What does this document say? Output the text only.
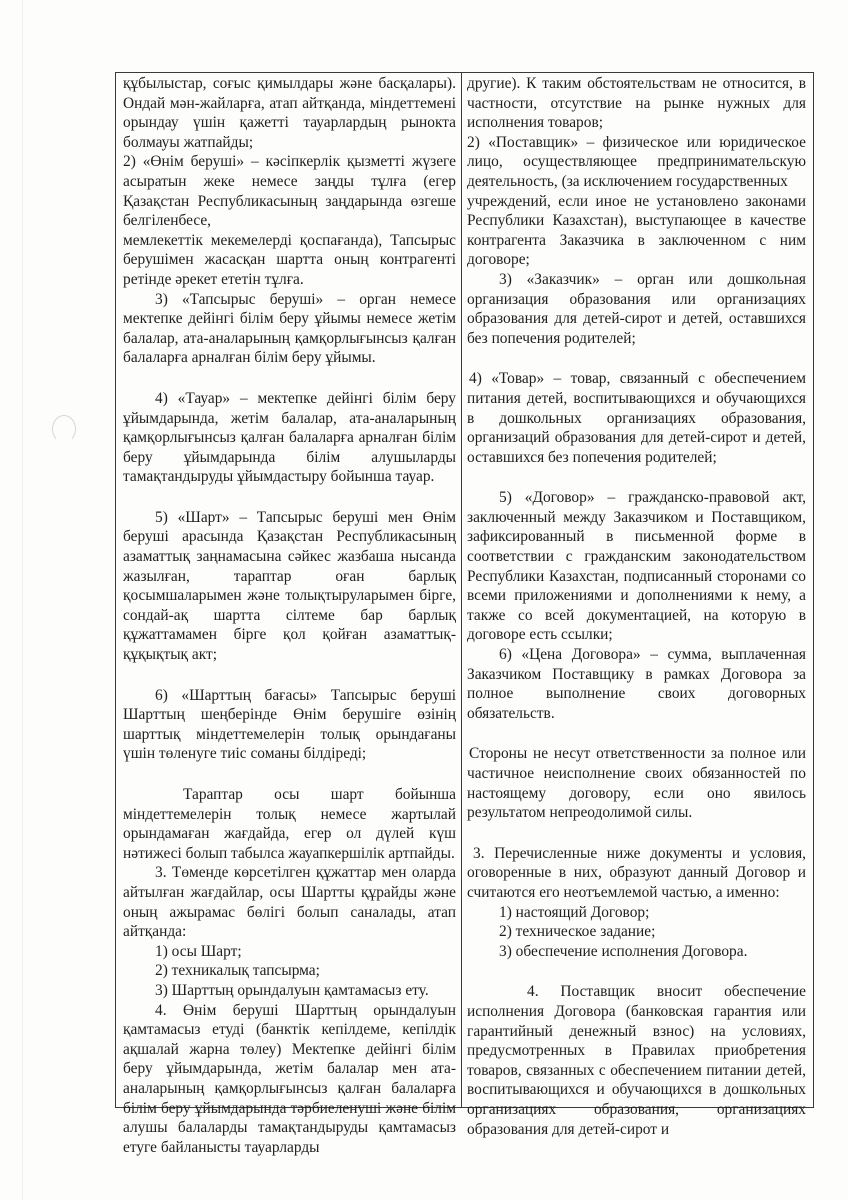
құбылыстар, соғыс қимылдары және басқалары). Ондай мән-жайларға, атап айтқанда, міндеттемені орындау үшін қажетті тауарлардың рынокта болмауы жатпайды;

2) «Өнім беруші» – кәсіпкерлік қызметті жүзеге асыратын жеке немесе заңды тұлға (егер Қазақстан Республикасының заңдарында өзгеше белгіленбесе,

мемлекеттік мекемелерді қоспағанда), Тапсырыс берушімен жасасқан шартта оның контрагенті ретінде әрекет ететін тұлға.

3) «Тапсырыс беруші» – орган немесе мектепке дейінгі білім беру ұйымы немесе жетім балалар, ата-аналарының қамқорлығынсыз қалған балаларға арналған білім беру ұйымы.

4) «Тауар» – мектепке дейінгі білім беру ұйымдарында, жетім балалар, ата-аналарының қамқорлығынсыз қалған балаларға арналған білім беру ұйымдарында білім алушыларды тамақтандыруды ұйымдастыру бойынша тауар.

5) «Шарт» – Тапсырыс беруші мен Өнім беруші арасында Қазақстан Республикасының азаматтық заңнамасына сәйкес жазбаша нысанда жазылған, тараптар оған барлық қосымшаларымен және толықтыруларымен бірге, сондай-ақ шартта сілтеме бар барлық құжаттамамен бірге қол қойған азаматтық-құқықтық акт;

6) «Шарттың бағасы» Тапсырыс беруші Шарттың шеңберінде Өнім берушіге өзінің шарттық міндеттемелерін толық орындағаны үшін төленуге тиіс соманы білдіреді;

Тараптар осы шарт бойынша міндеттемелерін толық немесе жартылай орындамаған жағдайда, егер ол дүлей күш нәтижесі болып табылса жауапкершілік артпайды.

3. Төменде көрсетілген құжаттар мен оларда айтылған жағдайлар, осы Шартты құрайды және оның ажырамас бөлігі болып саналады, атап айтқанда:

1) осы Шарт;

2) техникалық тапсырма;

3) Шарттың орындалуын қамтамасыз ету.

4. Өнім беруші Шарттың орындалуын қамтамасыз етуді (банктік кепілдеме, кепілдік ақшалай жарна төлеу) Мектепке дейінгі білім беру ұйымдарында, жетім балалар мен ата-аналарының қамқорлығынсыз қалған балаларға білім беру ұйымдарында тәрбиеленуші және білім алушы балаларды тамақтандыруды қамтамасыз етуге байланысты тауарларды

другие). К таким обстоятельствам не относится, в частности, отсутствие на рынке нужных для исполнения товаров;

2) «Поставщик» – физическое или юридическое лицо, осуществляющее предпринимательскую деятельность, (за исключением государственных

учреждений, если иное не установлено законами Республики Казахстан), выступающее в качестве контрагента Заказчика в заключенном с ним договоре;

3) «Заказчик» – орган или дошкольная организация образования или организациях образования для детей-сирот и детей, оставшихся без попечения родителей;

4) «Товар» – товар, связанный с обеспечением питания детей, воспитывающихся и обучающихся в дошкольных организациях образования, организаций образования для детей-сирот и детей, оставшихся без попечения родителей;

5) «Договор» – гражданско-правовой акт, заключенный между Заказчиком и Поставщиком, зафиксированный в письменной форме в соответствии с гражданским законодательством Республики Казахстан, подписанный сторонами со всеми приложениями и дополнениями к нему, а также со всей документацией, на которую в договоре есть ссылки;

6) «Цена Договора» – сумма, выплаченная Заказчиком Поставщику в рамках Договора за полное выполнение своих договорных обязательств.

Стороны не несут ответственности за полное или частичное неисполнение своих обязанностей по настоящему договору, если оно явилось результатом непреодолимой силы.

3. Перечисленные ниже документы и условия, оговоренные в них, образуют данный Договор и считаются его неотъемлемой частью, а именно:

1) настоящий Договор;

2) техническое задание;

3) обеспечение исполнения Договора.

4. Поставщик вносит обеспечение исполнения Договора (банковская гарантия или гарантийный денежный взнос) на условиях, предусмотренных в Правилах приобретения товаров, связанных с обеспечением питании детей, воспитывающихся и обучающихся в дошкольных организациях образования, организациях образования для детей-сирот и
